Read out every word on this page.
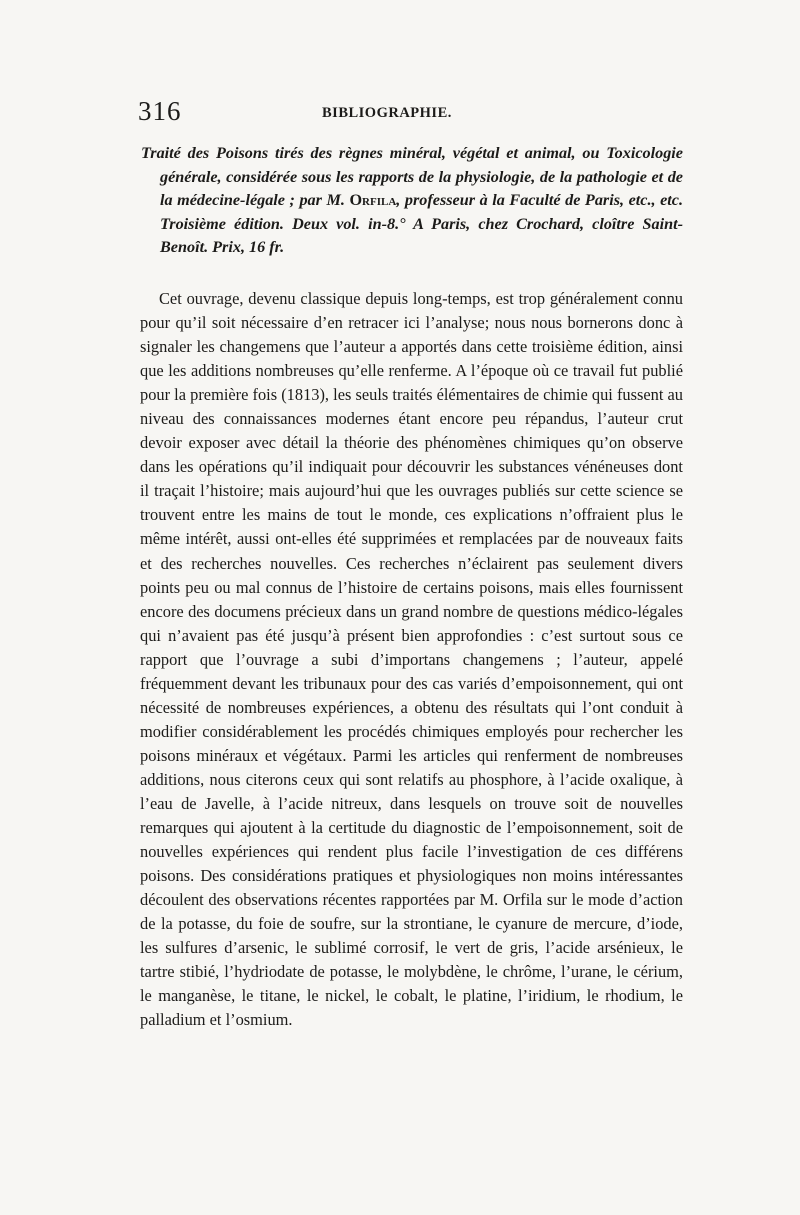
316	BIBLIOGRAPHIE.

Traité des Poisons tirés des règnes minéral, végétal et animal, ou Toxicologie générale, considérée sous les rapports de la physiologie, de la pathologie et de la médecine-légale ; par M. Orfila, professeur à la Faculté de Paris, etc., etc. Troisième édition. Deux vol. in-8.° A Paris, chez Crochard, cloître Saint-Benoît. Prix, 16 fr.

Cet ouvrage, devenu classique depuis long-temps, est trop généralement connu pour qu’il soit nécessaire d’en retracer ici l’analyse; nous nous bornerons donc à signaler les changemens que l’auteur a apportés dans cette troisième édition, ainsi que les additions nombreuses qu’elle renferme. A l’époque où ce travail fut publié pour la première fois (1813), les seuls traités élémentaires de chimie qui fussent au niveau des connaissances modernes étant encore peu répandus, l’auteur crut devoir exposer avec détail la théorie des phénomènes chimiques qu’on observe dans les opérations qu’il indiquait pour découvrir les substances vénéneuses dont il traçait l’histoire; mais aujourd’hui que les ouvrages publiés sur cette science se trouvent entre les mains de tout le monde, ces explications n’offraient plus le même intérêt, aussi ont-elles été supprimées et remplacées par de nouveaux faits et des recherches nouvelles. Ces recherches n’éclairent pas seulement divers points peu ou mal connus de l’histoire de certains poisons, mais elles fournissent encore des documens précieux dans un grand nombre de questions médico-légales qui n’avaient pas été jusqu’à présent bien approfondies : c’est surtout sous ce rapport que l’ouvrage a subi d’importans changemens ; l’auteur, appelé fréquemment devant les tribunaux pour des cas variés d’empoisonnement, qui ont nécessité de nombreuses expériences, a obtenu des résultats qui l’ont conduit à modifier considérablement les procédés chimiques employés pour rechercher les poisons minéraux et végétaux. Parmi les articles qui renferment de nombreuses additions, nous citerons ceux qui sont relatifs au phosphore, à l’acide oxalique, à l’eau de Javelle, à l’acide nitreux, dans lesquels on trouve soit de nouvelles remarques qui ajoutent à la certitude du diagnostic de l’empoisonnement, soit de nouvelles expériences qui rendent plus facile l’investigation de ces différens poisons. Des considérations pratiques et physiologiques non moins intéressantes découlent des observations récentes rapportées par M. Orfila sur le mode d’action de la potasse, du foie de soufre, sur la strontiane, le cyanure de mercure, d’iode, les sulfures d’arsenic, le sublimé corrosif, le vert de gris, l’acide arsénieux, le tartre stibié, l’hydriodate de potasse, le molybdène, le chrôme, l’urane, le cérium, le manganèse, le titane, le nickel, le cobalt, le platine, l’iridium, le rhodium, le palladium et l’osmium.
